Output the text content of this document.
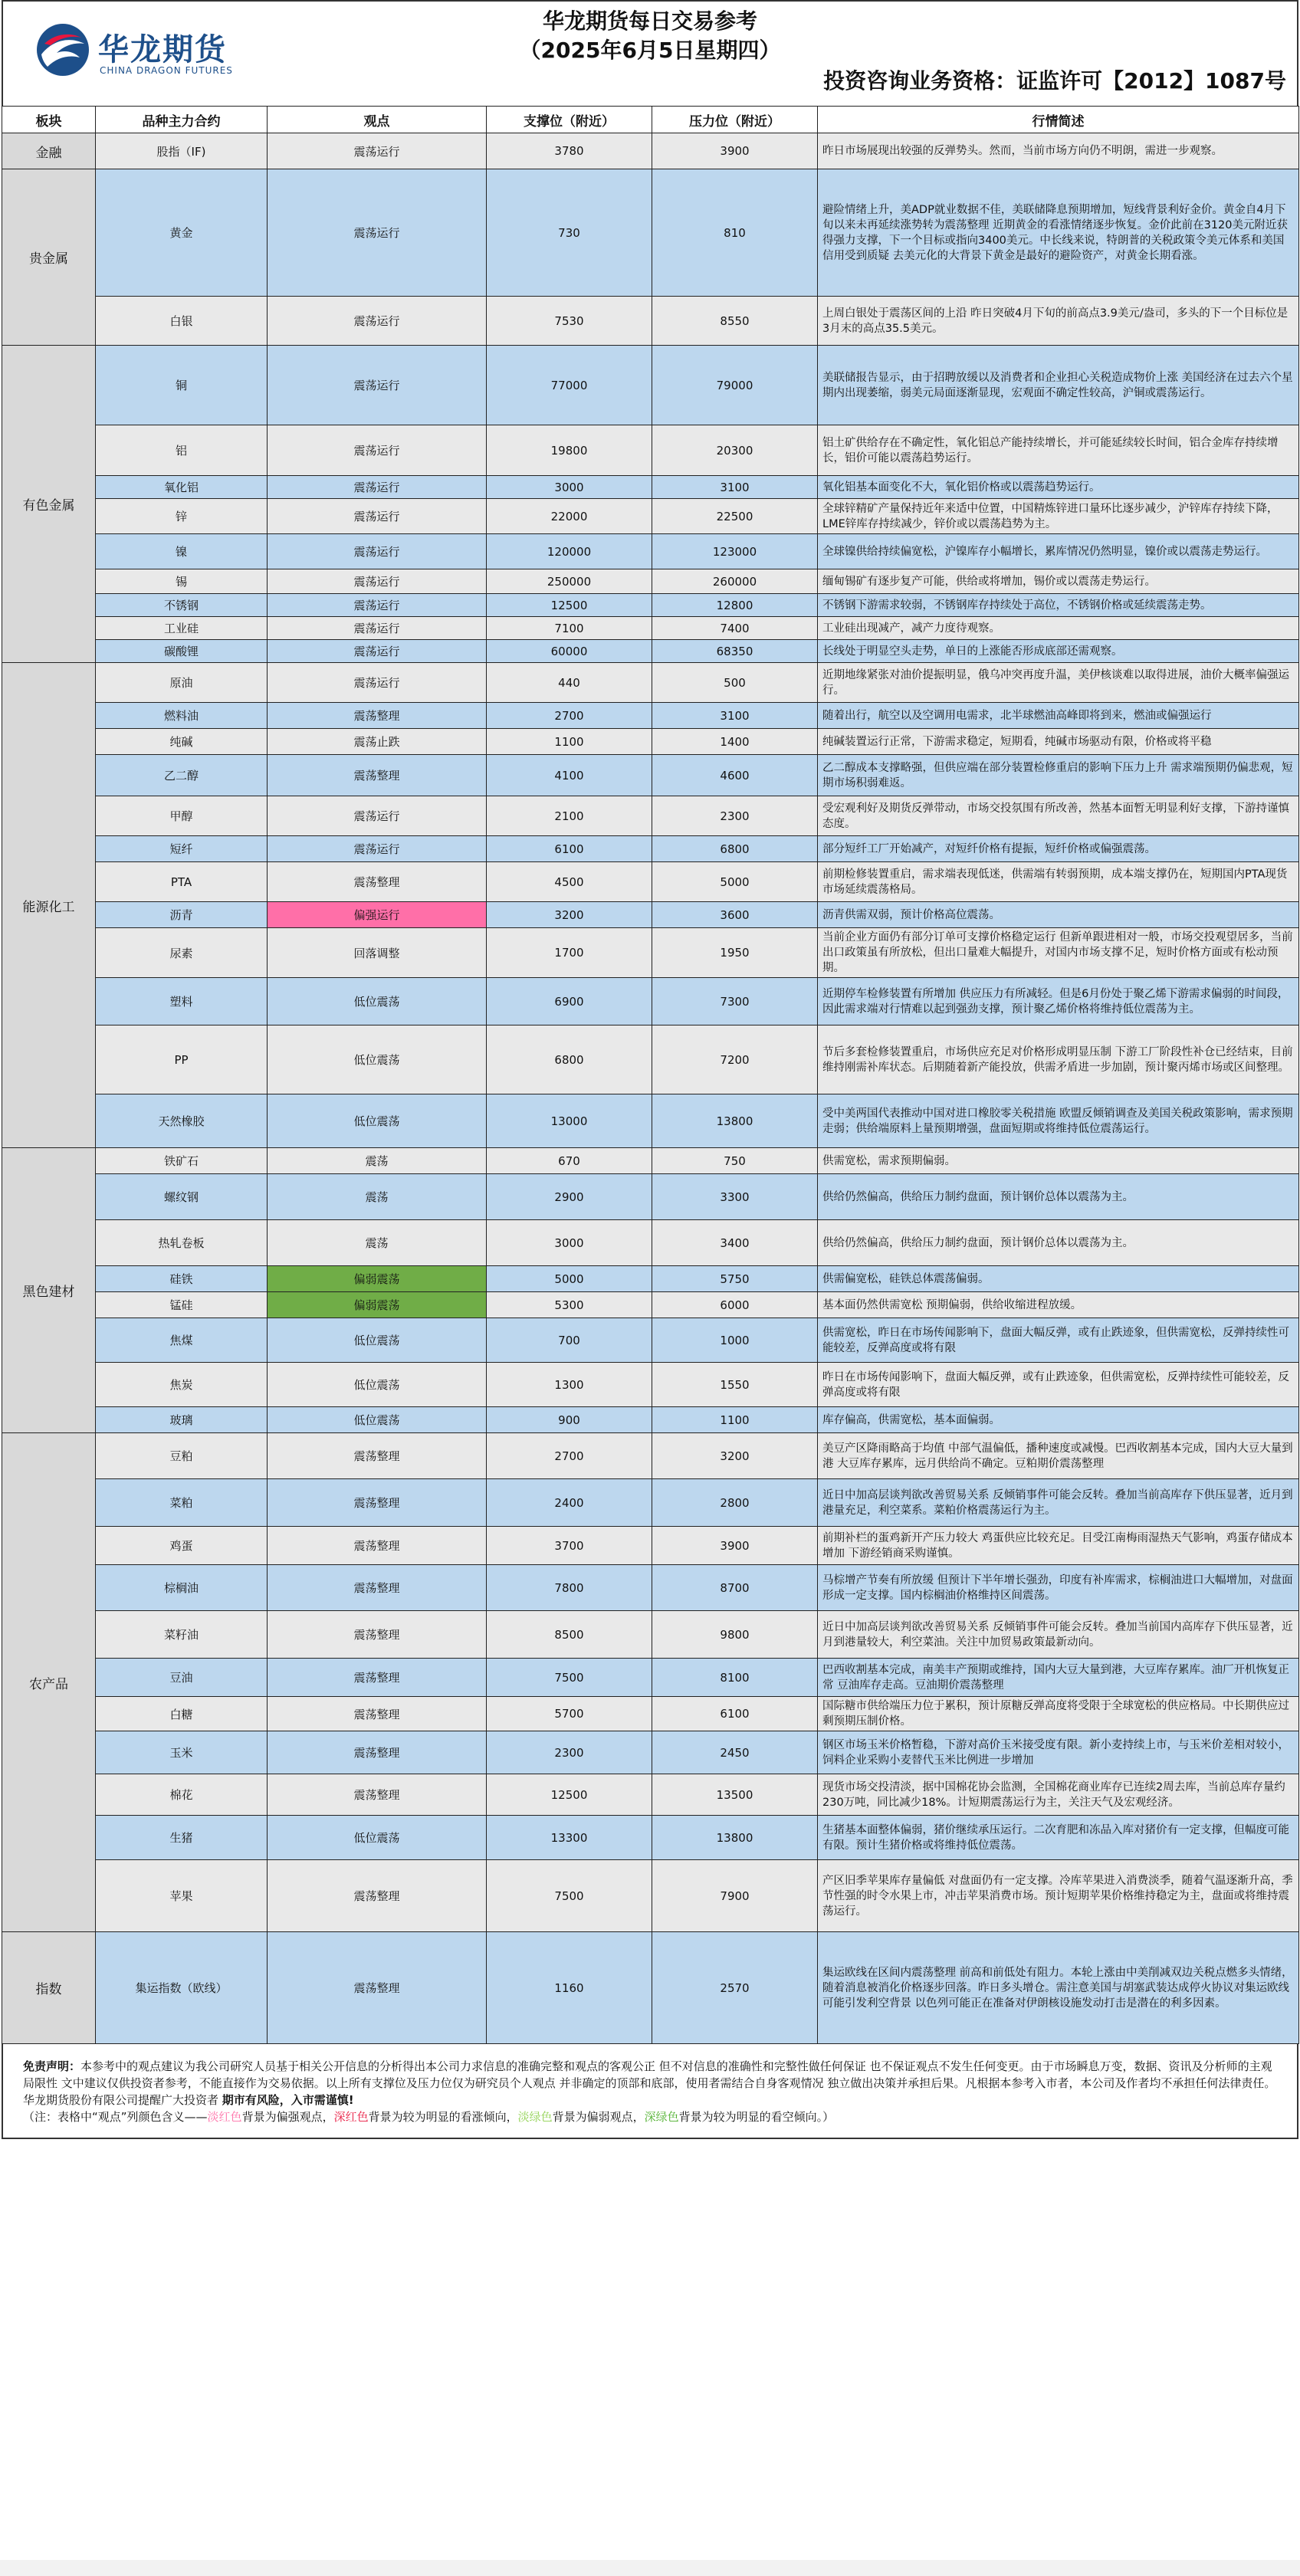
华龙期货
CHINA DRAGON FUTURES
华龙期货每日交易参考
（2025年6月5日星期四）
投资咨询业务资格：证监许可【2012】1087号
板块	品种主力合约	观点	支撑位（附近）	压力位（附近）	行情简述
金融	股指（IF)	震荡运行	3780	3900	昨日市场展现出较强的反弹势头。然而，当前市场方向仍不明朗，需进一步观察。
贵金属	黄金	震荡运行	730	810	避险情绪上升，美ADP就业数据不佳，美联储降息预期增加，短线背景利好金价。黄金自4月下旬以来未再延续涨势转为震荡整理 近期黄金的看涨情绪逐步恢复。金价此前在3120美元附近获得强力支撑，下一个目标或指向3400美元。中长线来说，特朗普的关税政策令美元体系和美国信用受到质疑 去美元化的大背景下黄金是最好的避险资产，对黄金长期看涨。
	白银	震荡运行	7530	8550	上周白银处于震荡区间的上沿 昨日突破4月下旬的前高点3.9美元/盎司，多头的下一个目标位是3月末的高点35.5美元。
有色金属	铜	震荡运行	77000	79000	美联储报告显示，由于招聘放缓以及消费者和企业担心关税造成物价上涨 美国经济在过去六个星期内出现萎缩，弱美元局面逐渐显现，宏观面不确定性较高，沪铜或震荡运行。
	铝	震荡运行	19800	20300	铝土矿供给存在不确定性，氧化铝总产能持续增长，并可能延续较长时间，铝合金库存持续增长，铝价可能以震荡趋势运行。
	氧化铝	震荡运行	3000	3100	氧化铝基本面变化不大，氧化铝价格或以震荡趋势运行。
	锌	震荡运行	22000	22500	全球锌精矿产量保持近年来适中位置，中国精炼锌进口量环比逐步减少，沪锌库存持续下降，LME锌库存持续减少，锌价或以震荡趋势为主。
	镍	震荡运行	120000	123000	全球镍供给持续偏宽松，沪镍库存小幅增长，累库情况仍然明显，镍价或以震荡走势运行。
	锡	震荡运行	250000	260000	缅甸锡矿有逐步复产可能，供给或将增加，锡价或以震荡走势运行。
	不锈钢	震荡运行	12500	12800	不锈钢下游需求较弱，不锈钢库存持续处于高位，不锈钢价格或延续震荡走势。
	工业硅	震荡运行	7100	7400	工业硅出现减产，减产力度待观察。
	碳酸锂	震荡运行	60000	68350	长线处于明显空头走势，单日的上涨能否形成底部还需观察。
能源化工	原油	震荡运行	440	500	近期地缘紧张对油价提振明显，俄乌冲突再度升温，美伊核谈难以取得进展，油价大概率偏强运行。
	燃料油	震荡整理	2700	3100	随着出行，航空以及空调用电需求，北半球燃油高峰即将到来，燃油或偏强运行
	纯碱	震荡止跌	1100	1400	纯碱装置运行正常，下游需求稳定，短期看，纯碱市场驱动有限，价格或将平稳
	乙二醇	震荡整理	4100	4600	乙二醇成本支撑略强，但供应端在部分装置检修重启的影响下压力上升 需求端预期仍偏悲观，短期市场积弱难返。
	甲醇	震荡运行	2100	2300	受宏观利好及期货反弹带动，市场交投氛围有所改善，然基本面暂无明显利好支撑，下游持谨慎态度。
	短纤	震荡运行	6100	6800	部分短纤工厂开始减产，对短纤价格有提振，短纤价格或偏强震荡。
	PTA	震荡整理	4500	5000	前期检修装置重启，需求端表现低迷，供需端有转弱预期，成本端支撑仍在，短期国内PTA现货市场延续震荡格局。
	沥青	偏强运行	3200	3600	沥青供需双弱，预计价格高位震荡。
	尿素	回落调整	1700	1950	当前企业方面仍有部分订单可支撑价格稳定运行 但新单跟进相对一般，市场交投观望居多，当前出口政策虽有所放松，但出口量难大幅提升，对国内市场支撑不足，短时价格方面或有松动预期。
	塑料	低位震荡	6900	7300	近期停车检修装置有所增加 供应压力有所减轻。但是6月份处于聚乙烯下游需求偏弱的时间段，因此需求端对行情难以起到强劲支撑，预计聚乙烯价格将维持低位震荡为主。
	PP	低位震荡	6800	7200	节后多套检修装置重启，市场供应充足对价格形成明显压制 下游工厂阶段性补仓已经结束，目前维持刚需补库状态。后期随着新产能投放，供需矛盾进一步加剧，预计聚丙烯市场或区间整理。
	天然橡胶	低位震荡	13000	13800	受中美两国代表推动中国对进口橡胶零关税措施 欧盟反倾销调查及美国关税政策影响，需求预期走弱；供给端原料上量预期增强，盘面短期或将维持低位震荡运行。
黑色建材	铁矿石	震荡	670	750	供需宽松，需求预期偏弱。
	螺纹钢	震荡	2900	3300	供给仍然偏高，供给压力制约盘面，预计钢价总体以震荡为主。
	热轧卷板	震荡	3000	3400	供给仍然偏高，供给压力制约盘面，预计钢价总体以震荡为主。
	硅铁	偏弱震荡	5000	5750	供需偏宽松，硅铁总体震荡偏弱。
	锰硅	偏弱震荡	5300	6000	基本面仍然供需宽松 预期偏弱，供给收缩进程放缓。
	焦煤	低位震荡	700	1000	供需宽松，昨日在市场传闻影响下，盘面大幅反弹，或有止跌迹象，但供需宽松，反弹持续性可能较差，反弹高度或将有限
	焦炭	低位震荡	1300	1550	昨日在市场传闻影响下，盘面大幅反弹，或有止跌迹象，但供需宽松，反弹持续性可能较差，反弹高度或将有限
	玻璃	低位震荡	900	1100	库存偏高，供需宽松，基本面偏弱。
农产品	豆粕	震荡整理	2700	3200	美豆产区降雨略高于均值 中部气温偏低，播种速度或减慢。巴西收割基本完成，国内大豆大量到港 大豆库存累库，远月供给尚不确定。豆粕期价震荡整理
	菜粕	震荡整理	2400	2800	近日中加高层谈判欲改善贸易关系 反倾销事件可能会反转。叠加当前高库存下供压显著，近月到港量充足，利空菜系。菜粕价格震荡运行为主。
	鸡蛋	震荡整理	3700	3900	前期补栏的蛋鸡新开产压力较大 鸡蛋供应比较充足。目受江南梅雨湿热天气影响，鸡蛋存储成本增加 下游经销商采购谨慎。
	棕榈油	震荡整理	7800	8700	马棕增产节奏有所放缓 但预计下半年增长强劲，印度有补库需求，棕榈油进口大幅增加，对盘面形成一定支撑。国内棕榈油价格维持区间震荡。
	菜籽油	震荡整理	8500	9800	近日中加高层谈判欲改善贸易关系 反倾销事件可能会反转。叠加当前国内高库存下供压显著，近月到港量较大，利空菜油。关注中加贸易政策最新动向。
	豆油	震荡整理	7500	8100	巴西收割基本完成，南美丰产预期或维持，国内大豆大量到港，大豆库存累库。油厂开机恢复正常 豆油库存走高。豆油期价震荡整理
	白糖	震荡整理	5700	6100	国际糖市供给端压力位于累积，预计原糖反弹高度将受限于全球宽松的供应格局。中长期供应过剩预期压制价格。
	玉米	震荡整理	2300	2450	钢区市场玉米价格暂稳，下游对高价玉米接受度有限。新小麦持续上市，与玉米价差相对较小，饲料企业采购小麦替代玉米比例进一步增加
	棉花	震荡整理	12500	13500	现货市场交投清淡，据中国棉花协会监测，全国棉花商业库存已连续2周去库，当前总库存量约230万吨，同比减少18%。计短期震荡运行为主，关注天气及宏观经济。
	生猪	低位震荡	13300	13800	生猪基本面整体偏弱，猪价继续承压运行。二次育肥和冻品入库对猪价有一定支撑，但幅度可能有限。预计生猪价格或将维持低位震荡。
	苹果	震荡整理	7500	7900	产区旧季苹果库存量偏低 对盘面仍有一定支撑。冷库苹果进入消费淡季，随着气温逐渐升高，季节性强的时令水果上市，冲击苹果消费市场。预计短期苹果价格维持稳定为主，盘面或将维持震荡运行。
指数	集运指数（欧线）	震荡整理	1160	2570	集运欧线在区间内震荡整理 前高和前低处有阻力。本轮上涨由中美削减双边关税点燃多头情绪，随着消息被消化价格逐步回落。昨日多头增仓。需注意美国与胡塞武装达成停火协议对集运欧线可能引发利空背景 以色列可能正在准备对伊朗核设施发动打击是潜在的利多因素。
免责声明：本参考中的观点建议为我公司研究人员基于相关公开信息的分析得出本公司力求信息的准确完整和观点的客观公正 但不对信息的准确性和完整性做任何保证 也不保证观点不发生任何变更。由于市场瞬息万变，数据、资讯及分析师的主观局限性 文中建议仅供投资者参考，不能直接作为交易依据。以上所有支撑位及压力位仅为研究员个人观点 并非确定的顶部和底部，使用者需结合自身客观情况 独立做出决策并承担后果。凡根据本参考入市者，本公司及作者均不承担任何法律责任。
华龙期货股份有限公司提醒广大投资者 期市有风险，入市需谨慎!
（注：表格中“观点”列颜色含义——淡红色背景为偏强观点，深红色背景为较为明显的看涨倾向，淡绿色背景为偏弱观点，深绿色背景为较为明显的看空倾向。）
